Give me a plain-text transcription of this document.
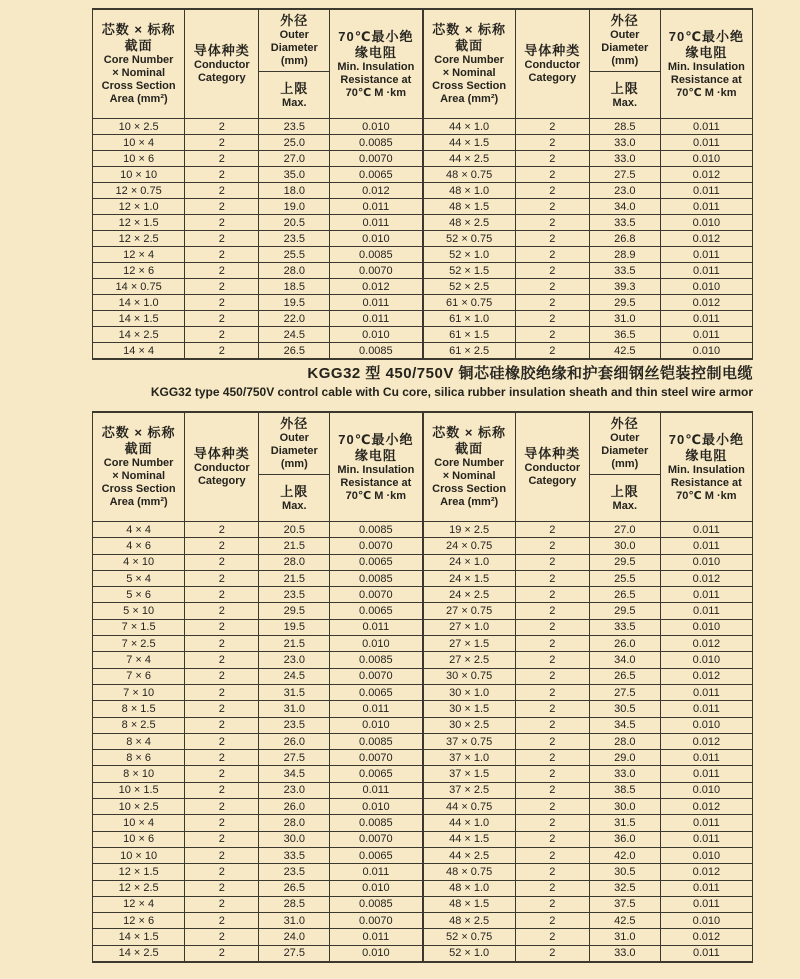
芯数 × 标称
截面
Core Number
× Nominal
Cross Section
Area (mm²)

导体种类
Conductor
Category

外径
Outer
Diameter
(mm)

70℃最小绝
缘电阻
Min. Insulation
Resistance at
70℃ M ·km

		上限
Max.	

10 × 2.5	2	23.5	0.010
10 × 4	2	25.0	0.0085
10 × 6	2	27.0	0.0070
10 × 10	2	35.0	0.0065
12 × 0.75	2	18.0	0.012
12 × 1.0	2	19.0	0.011
12 × 1.5	2	20.5	0.011
12 × 2.5	2	23.5	0.010
12 × 4	2	25.5	0.0085
12 × 6	2	28.0	0.0070
14 × 0.75	2	18.5	0.012
14 × 1.0	2	19.5	0.011
14 × 1.5	2	22.0	0.011
14 × 2.5	2	24.5	0.010
14 × 4	2	26.5	0.0085
芯数 × 标称
截面
Core Number
× Nominal
Cross Section
Area (mm²)

导体种类
Conductor
Category

外径
Outer
Diameter
(mm)

70℃最小绝
缘电阻
Min. Insulation
Resistance at
70℃ M ·km

		上限
Max.	

44 × 1.0	2	28.5	0.011
44 × 1.5	2	33.0	0.011
44 × 2.5	2	33.0	0.010
48 × 0.75	2	27.5	0.012
48 × 1.0	2	23.0	0.011
48 × 1.5	2	34.0	0.011
48 × 2.5	2	33.5	0.010
52 × 0.75	2	26.8	0.012
52 × 1.0	2	28.9	0.011
52 × 1.5	2	33.5	0.011
52 × 2.5	2	39.3	0.010
61 × 0.75	2	29.5	0.012
61 × 1.0	2	31.0	0.011
61 × 1.5	2	36.5	0.011
61 × 2.5	2	42.5	0.010
KGG32 型 450/750V 铜芯硅橡胶绝缘和护套细钢丝铠装控制电缆
KGG32 type 450/750V control cable with Cu core, silica rubber insulation sheath and thin steel wire armor
芯数 × 标称
截面
Core Number
× Nominal
Cross Section
Area (mm²)

导体种类
Conductor
Category

外径
Outer
Diameter
(mm)

70℃最小绝
缘电阻
Min. Insulation
Resistance at
70℃ M ·km

		上限
Max.	

4 × 4	2	20.5	0.0085
4 × 6	2	21.5	0.0070
4 × 10	2	28.0	0.0065
5 × 4	2	21.5	0.0085
5 × 6	2	23.5	0.0070
5 × 10	2	29.5	0.0065
7 × 1.5	2	19.5	0.011
7 × 2.5	2	21.5	0.010
7 × 4	2	23.0	0.0085
7 × 6	2	24.5	0.0070
7 × 10	2	31.5	0.0065
8 × 1.5	2	31.0	0.011
8 × 2.5	2	23.5	0.010
8 × 4	2	26.0	0.0085
8 × 6	2	27.5	0.0070
8 × 10	2	34.5	0.0065
10 × 1.5	2	23.0	0.011
10 × 2.5	2	26.0	0.010
10 × 4	2	28.0	0.0085
10 × 6	2	30.0	0.0070
10 × 10	2	33.5	0.0065
12 × 1.5	2	23.5	0.011
12 × 2.5	2	26.5	0.010
12 × 4	2	28.5	0.0085
12 × 6	2	31.0	0.0070
14 × 1.5	2	24.0	0.011
14 × 2.5	2	27.5	0.010
芯数 × 标称
截面
Core Number
× Nominal
Cross Section
Area (mm²)

导体种类
Conductor
Category

外径
Outer
Diameter
(mm)

70℃最小绝
缘电阻
Min. Insulation
Resistance at
70℃ M ·km

		上限
Max.	

19 × 2.5	2	27.0	0.011
24 × 0.75	2	30.0	0.011
24 × 1.0	2	29.5	0.010
24 × 1.5	2	25.5	0.012
24 × 2.5	2	26.5	0.011
27 × 0.75	2	29.5	0.011
27 × 1.0	2	33.5	0.010
27 × 1.5	2	26.0	0.012
27 × 2.5	2	34.0	0.010
30 × 0.75	2	26.5	0.012
30 × 1.0	2	27.5	0.011
30 × 1.5	2	30.5	0.011
30 × 2.5	2	34.5	0.010
37 × 0.75	2	28.0	0.012
37 × 1.0	2	29.0	0.011
37 × 1.5	2	33.0	0.011
37 × 2.5	2	38.5	0.010
44 × 0.75	2	30.0	0.012
44 × 1.0	2	31.5	0.011
44 × 1.5	2	36.0	0.011
44 × 2.5	2	42.0	0.010
48 × 0.75	2	30.5	0.012
48 × 1.0	2	32.5	0.011
48 × 1.5	2	37.5	0.011
48 × 2.5	2	42.5	0.010
52 × 0.75	2	31.0	0.012
52 × 1.0	2	33.0	0.011
